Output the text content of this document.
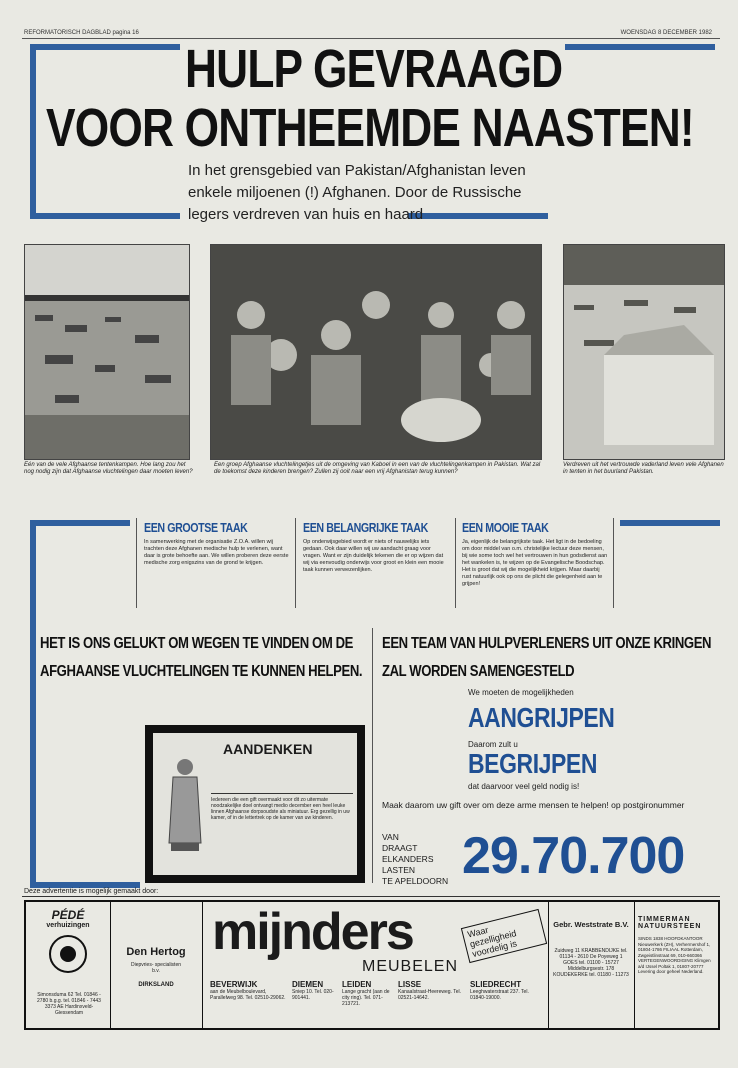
REFORMATORISCH DAGBLAD pagina 16	WOENSDAG 8 DECEMBER 1982
HULP GEVRAAGD
VOOR ONTHEEMDE NAASTEN!
In het grensgebied van Pakistan/Afghanistan leven
enkele miljoenen (!) Afghanen. Door de Russische
legers verdreven van huis en haard
Eén van de vele Afghaanse tentenkampen. Hoe lang zou het nog nodig zijn dat Afghaanse vluchtelingen daar moeten leven?
Een groep Afghaanse vluchtelingetjes uit de omgeving van Kaboel in een van de vluchtelingenkampen in Pakistan. Wat zal de toekomst deze kinderen brengen? Zullen zij ooit naar een vrij Afghanistan terug kunnen?
Verdreven uit het vertrouwde vaderland leven vele Afghanen in tenten in het buurland Pakistan.
EEN GROOTSE TAAK
In samenwerking met de organisatie Z.O.A. willen wij trachten deze Afghanen medische hulp te verlenen, want daar is grote behoefte aan. We willen proberen deze eerste medische zorg enigszins van de grond te krijgen.
EEN BELANGRIJKE TAAK
Op onderwijsgebied wordt er niets of nauwelijks iets gedaan. Ook daar willen wij uw aandacht graag voor vragen. Want er zijn duidelijk tekenen die er op wijzen dat wij via eenvoudig onderwijs voor groot en klein een mooie taak kunnen verwezenlijken.
EEN MOOIE TAAK
Ja, eigenlijk de belangrijkste taak. Het ligt in de bedoeling om door middel van o.m. christelijke lectuur deze mensen, bij wie some toch wel het vertrouwen in hun godsdienst aan het wankelen is, te wijzen op de Evangelische Boodschap. Het is groot dat wij die mogelijkheid krijgen. Maar daarbij rust natuurlijk ook op ons de plicht die gelegenheid aan te grijpen!
HET IS ONS GELUKT OM WEGEN TE VINDEN OM DE AFGHAANSE VLUCHTELINGEN TE KUNNEN HELPEN.
EEN TEAM VAN HULPVERLENERS UIT ONZE KRINGEN ZAL WORDEN SAMENGESTELD
AANDENKEN
Iedereen die een gift overmaakt voor dit zo uitermate noodzakelijke doel ontvangt medio december een heel leuke linnen Afghaanse dorpsoudste als miniatuur. Erg gezellig in uw kamer, of in de lettertrek op de kamer van uw kinderen.
We moeten de mogelijkheden
AANGRIJPEN
Daarom zult u
BEGRIJPEN
dat daarvoor veel geld nodig is!
Maak daarom uw gift over om deze arme mensen te helpen! op postgironummer
VAN
DRAAGT
ELKANDERS
LASTEN
TE APELDOORN 29.70.700
Deze advertentie is mogelijk gemaakt door:
PÉDÉ
verhuizingen
Simonsduma 62 Tel. 01846 - 2780 b.g.g. tel. 01846 - 7443 3373 AE Hardinxveld-Giessendam
Den Hertog
Diepvries- specialisten b.v.
DIRKSLAND
mijnders
MEUBELEN
Waar gezelligheid voordelig is
BEVERWIJK
aan de Meubelboulevard, Parallelweg 98. Tel. 02510-29062.
DIEMEN
Sniep 10. Tel. 020-901441.
LEIDEN
Lange gracht (aan de city ring). Tel. 071-213721.
LISSE
Kanaalstraat-Heereweg. Tel. 02521-14642.
SLIEDRECHT
Leeghwaterstraat 237. Tel. 01840-19000.
Gebr. Weststrate B.V.
Zuidweg 11 KRABBENDIJKE tel. 01134 - 2610 De Poyeweg 1 GOES tel. 01100 - 15727 Middelburgsestr. 178 KOUDEKERKE tel. 01180 - 11273
TIMMERMAN NATUURSTEEN
SINDS 1838 HOOFDKANTOOR Nieuwerkerk (ZH), Verhermershof 1, 01804-1786 FILIAAL Rotterdam, Zwgeistlinstraat 69, 010-660366 VERTEGENWOORDIGING Klimgen a/d IJssel Poltak 1, 01807-20777 Levering door geheel Nederland.
